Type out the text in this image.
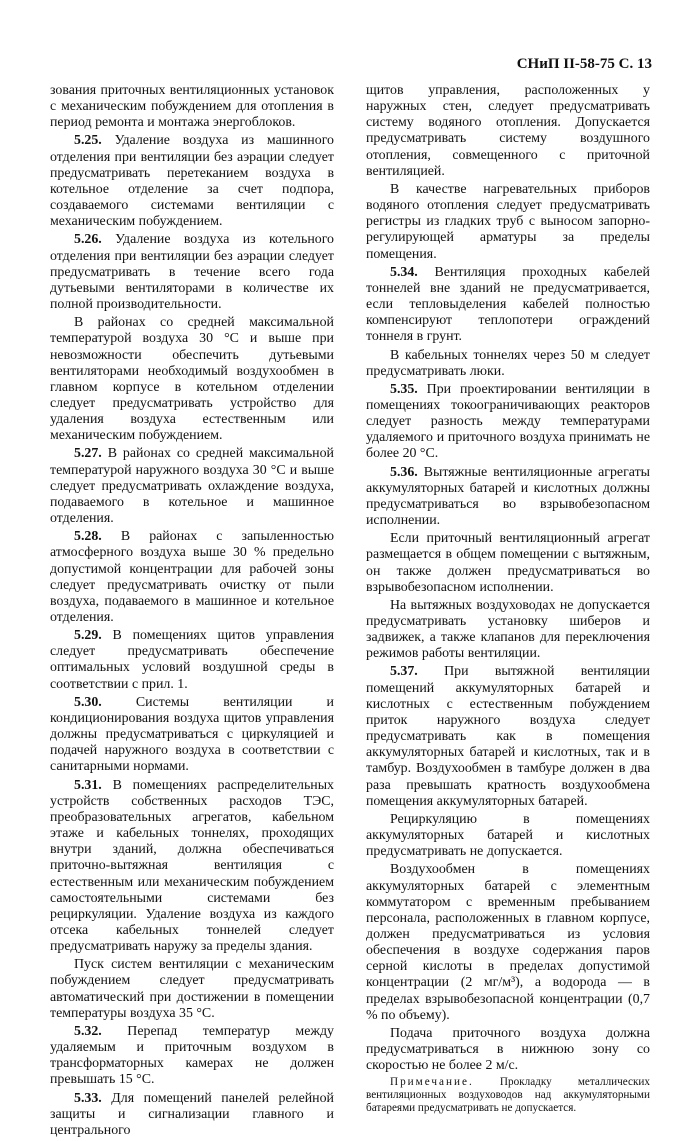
СНиП II-58-75 С. 13

зования приточных вентиляционных установок с механическим побуждением для отопления в период ремонта и монтажа энергоблоков.

5.25. Удаление воздуха из машинного отделения при вентиляции без аэрации следует предусматривать перетеканием воздуха в котельное отделение за счет подпора, создаваемого системами вентиляции с механическим побуждением.

5.26. Удаление воздуха из котельного отделения при вентиляции без аэрации следует предусматривать в течение всего года дутьевыми вентиляторами в количестве их полной производительности.

В районах со средней максимальной температурой воздуха 30 °С и выше при невозможности обеспечить дутьевыми вентиляторами необходимый воздухообмен в главном корпусе в котельном отделении следует предусматривать устройство для удаления воздуха естественным или механическим побуждением.

5.27. В районах со средней максимальной температурой наружного воздуха 30 °С и выше следует предусматривать охлаждение воздуха, подаваемого в котельное и машинное отделения.

5.28. В районах с запыленностью атмосферного воздуха выше 30 % предельно допустимой концентрации для рабочей зоны следует предусматривать очистку от пыли воздуха, подаваемого в машинное и котельное отделения.

5.29. В помещениях щитов управления следует предусматривать обеспечение оптимальных условий воздушной среды в соответствии с прил. 1.

5.30. Системы вентиляции и кондиционирования воздуха щитов управления должны предусматриваться с циркуляцией и подачей наружного воздуха в соответствии с санитарными нормами.

5.31. В помещениях распределительных устройств собственных расходов ТЭС, преобразовательных агрегатов, кабельном этаже и кабельных тоннелях, проходящих внутри зданий, должна обеспечиваться приточно-вытяжная вентиляция с естественным или механическим побуждением самостоятельными системами без рециркуляции. Удаление воздуха из каждого отсека кабельных тоннелей следует предусматривать наружу за пределы здания.

Пуск систем вентиляции с механическим побуждением следует предусматривать автоматический при достижении в помещении температуры воздуха 35 °С.

5.32. Перепад температур между удаляемым и приточным воздухом в трансформаторных камерах не должен превышать 15 °С.

5.33. Для помещений панелей релейной защиты и сигнализации главного и центрального

щитов управления, расположенных у наружных стен, следует предусматривать систему водяного отопления. Допускается предусматривать систему воздушного отопления, совмещенного с приточной вентиляцией.

В качестве нагревательных приборов водяного отопления следует предусматривать регистры из гладких труб с выносом запорно-регулирующей арматуры за пределы помещения.

5.34. Вентиляция проходных кабелей тоннелей вне зданий не предусматривается, если тепловыделения кабелей полностью компенсируют теплопотери ограждений тоннеля в грунт.

В кабельных тоннелях через 50 м следует предусматривать люки.

5.35. При проектировании вентиляции в помещениях токоограничивающих реакторов следует разность между температурами удаляемого и приточного воздуха принимать не более 20 °С.

5.36. Вытяжные вентиляционные агрегаты аккумуляторных батарей и кислотных должны предусматриваться во взрывобезопасном исполнении.

Если приточный вентиляционный агрегат размещается в общем помещении с вытяжным, он также должен предусматриваться во взрывобезопасном исполнении.

На вытяжных воздуховодах не допускается предусматривать установку шиберов и задвижек, а также клапанов для переключения режимов работы вентиляции.

5.37. При вытяжной вентиляции помещений аккумуляторных батарей и кислотных с естественным побуждением приток наружного воздуха следует предусматривать как в помещения аккумуляторных батарей и кислотных, так и в тамбур. Воздухообмен в тамбуре должен в два раза превышать кратность воздухообмена помещения аккумуляторных батарей.

Рециркуляцию в помещениях аккумуляторных батарей и кислотных предусматривать не допускается.

Воздухообмен в помещениях аккумуляторных батарей с элементным коммутатором с временным пребыванием персонала, расположенных в главном корпусе, должен предусматриваться из условия обеспечения в воздухе содержания паров серной кислоты в пределах допустимой концентрации (2 мг/м³), а водорода — в пределах взрывобезопасной концентрации (0,7 % по объему).

Подача приточного воздуха должна предусматриваться в нижнюю зону со скоростью не более 2 м/с.

Примечание. Прокладку металлических вентиляционных воздуховодов над аккумуляторными батареями предусматривать не допускается.
